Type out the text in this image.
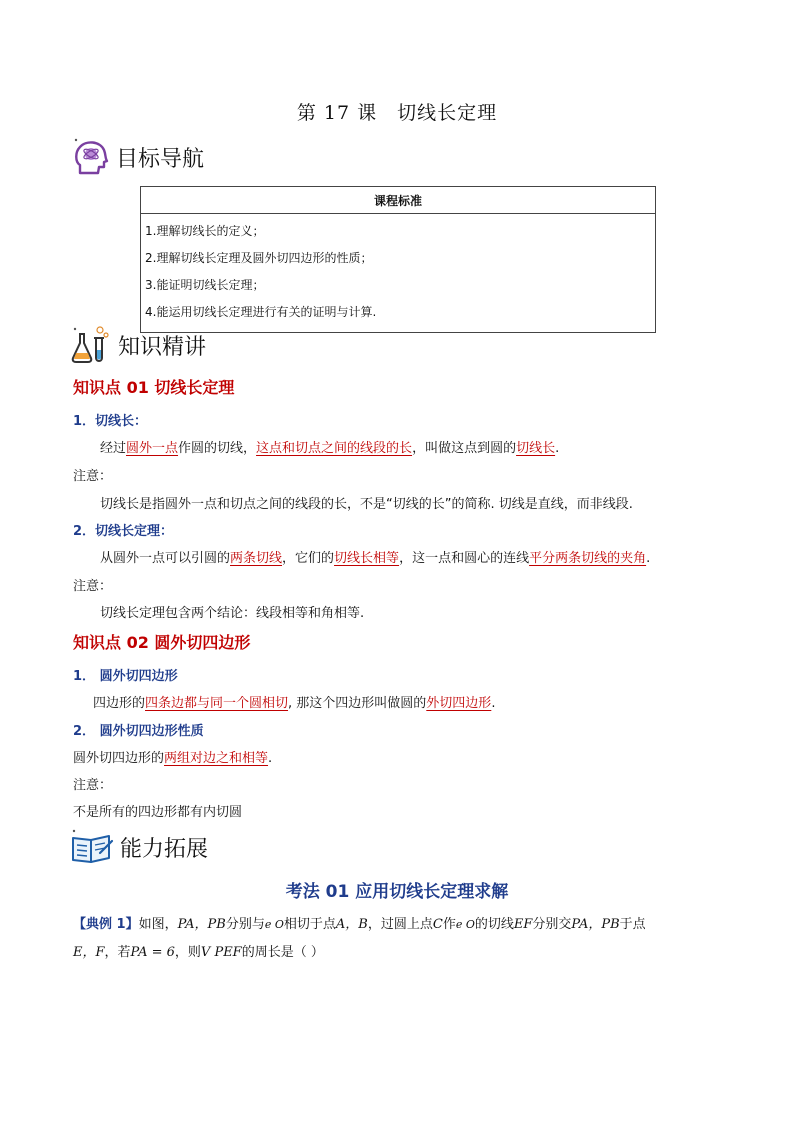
第 17 课 切线长定理
目标导航
课程标准

1.理解切线长的定义；
2.理解切线长定理及圆外切四边形的性质；
3.能证明切线长定理；
4.能运用切线长定理进行有关的证明与计算.
知识精讲
知识点 01 切线长定理
1．切线长：
经过圆外一点作圆的切线，这点和切点之间的线段的长，叫做这点到圆的切线长.
注意：
切线长是指圆外一点和切点之间的线段的长，不是“切线的长”的简称. 切线是直线，而非线段.
2．切线长定理：
从圆外一点可以引圆的两条切线，它们的切线长相等，这一点和圆心的连线平分两条切线的夹角.
注意：
切线长定理包含两个结论：线段相等和角相等.
知识点 02 圆外切四边形
1． 圆外切四边形
四边形的四条边都与同一个圆相切, 那这个四边形叫做圆的外切四边形.
2． 圆外切四边形性质
圆外切四边形的两组对边之和相等.
注意：
不是所有的四边形都有内切圆
能力拓展
考法 01 应用切线长定理求解
【典例 1】如图，PA，PB分别与e O相切于点A，B，过圆上点C作e O的切线EF分别交PA，PB于点
E，F，若PA = 6，则V PEF的周长是（ ）
